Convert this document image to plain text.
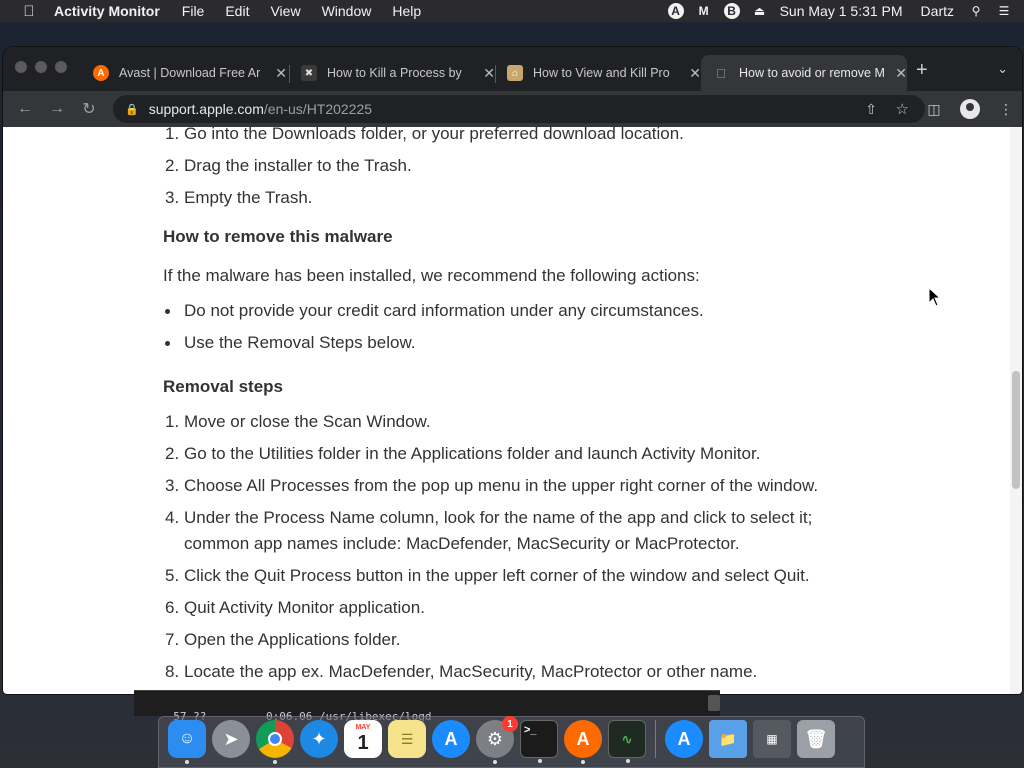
Activity Monitor File Edit View Window Help	A	M	B	⏏ Sun May 1 5:31 PM Dartz ⚲	☰
A	Avast | Download Free Ar	✕	✖	How to Kill a Process by	✕	⌂	How to View and Kill Pro	✕	How to avoid or remove M ✕ +	⌄
←	→	↻	🔒 support.apple.com /en-us/HT202225	⇧ ☆	◫	⋮
1. Go into the Downloads folder, or your preferred download location.
2. Drag the installer to the Trash.
3. Empty the Trash.
How to remove this malware
If the malware has been installed, we recommend the following actions:
Do not provide your credit card information under any circumstances.
Use the Removal Steps below.
Removal steps
1. Move or close the Scan Window.
2. Go to the Utilities folder in the Applications folder and launch Activity Monitor.
3. Choose All Processes from the pop up menu in the upper right corner of the window.
4. Under the Process Name column, look for the name of the app and click to select it;
common app names include: MacDefender, MacSecurity or MacProtector.
5. Click the Quit Process button in the upper left corner of the window and select Quit.
6. Quit Activity Monitor application.
7. Open the Applications folder.
8. Locate the app ex. MacDefender, MacSecurity, MacProtector or other name.

☺ ➤	✦
MAY
1 ☰ A ⚙
1	>_ A ∿ A 📁 ▦ 🗑
